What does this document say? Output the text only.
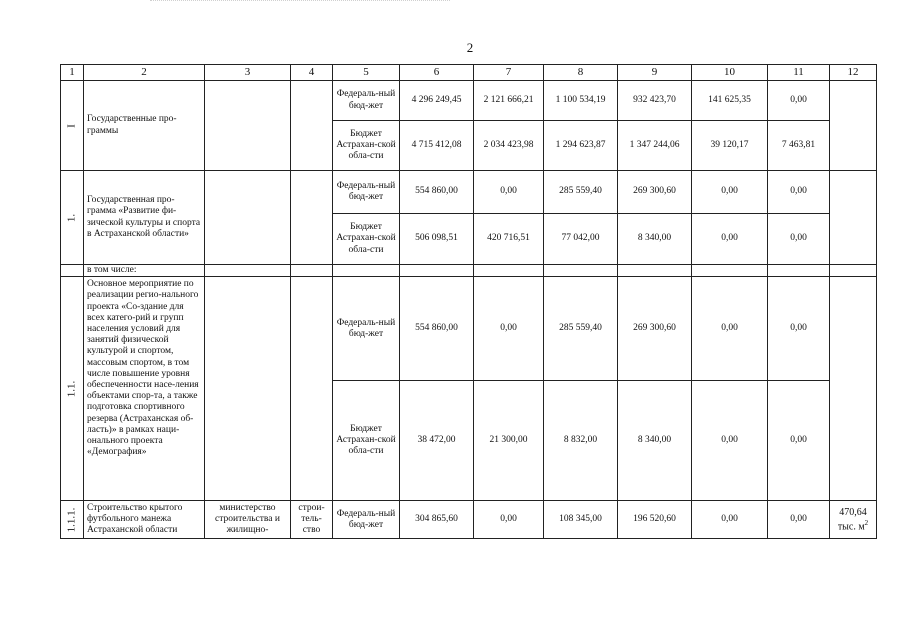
2
1	2	3	4	5	6	7	8	9	10	11	12

I	Государственные про-граммы			Федераль-ный бюд-жет	4 296 249,45	2 121 666,21	1 100 534,19	932 423,70	141 625,35	0,00	
				Бюджет Астрахан-ской обла-сти	4 715 412,08	2 034 423,98	1 294 623,87	1 347 244,06	39 120,17	7 463,81	

1.	Государственная про-грамма «Развитие фи-зической культуры и спорта в Астраханской области»			Федераль-ный бюд-жет	554 860,00	0,00	285 559,40	269 300,60	0,00	0,00	
				Бюджет Астрахан-ской обла-сти	506 098,51	420 716,51	77 042,00	8 340,00	0,00	0,00	
	в том числе:										

1.1.	Основное мероприятие по реализации регио-нального проекта «Со-здание для всех катего-рий и групп населения условий для занятий физической культурой и спортом, массовым спортом, в том числе повышение уровня обеспеченности насе-ления объектами спор-та, а также подготовка спортивного резерва (Астраханская об-ласть)» в рамках наци-онального проекта «Демография»			Федераль-ный бюд-жет	554 860,00	0,00	285 559,40	269 300,60	0,00	0,00	
				Бюджет Астрахан-ской обла-сти	38 472,00	21 300,00	8 832,00	8 340,00	0,00	0,00	

1.1.1.	Строительство крытого футбольного манежа Астраханской области	министерство строительства и жилищно-	строи-тель-ство	Федераль-ный бюд-жет	304 865,60	0,00	108 345,00	196 520,60	0,00	0,00	470,64
тыс. $м^2$
